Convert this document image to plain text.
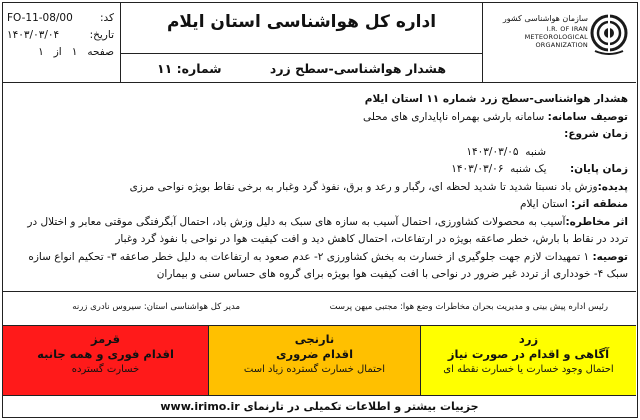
کد:
FO-11-08/00
تاریخ:
۱۴۰۳/۰۳/۰۴
صفحه
۱
از
۱
اداره کل هواشناسی استان ایلام
هشدار هواشناسی-سطح زرد
شماره: ۱۱
سازمان هواشناسی کشور
I.R. OF IRAN
METEOROLOGICAL
ORGANIZATION

هشدار هواشناسی-سطح زرد شماره ۱۱ استان ایلام

توصیف سامانه: سامانه بارشی بهمراه ناپایداری های محلی

زمان شروع:

شنبه  ۱۴۰۳/۰۳/۰۵

زمان پایان:       یک شنبه  ۱۴۰۳/۰۳/۰۶

پدیده:وزش باد نسبتا شدید تا شدید لحظه ای، رگبار و رعد و برق، نفوذ گرد وغبار به برخی نقاط بویژه نواحی مرزی

منطقه اثر: استان ایلام

اثر مخاطره:آسیب به محصولات کشاورزی، احتمال آسیب به سازه های سبک به دلیل وزش باد، احتمال آبگرفتگی موقتی معابر و اختلال در تردد در نقاط با بارش، خطر صاعقه بویژه در ارتفاعات، احتمال کاهش دید و افت کیفیت هوا در نواحی با نفوذ گرد وغبار

توصیه: ۱ تمهیدات لازم جهت جلوگیری از خسارت به بخش کشاورزی ۲- عدم صعود به ارتفاعات به دلیل خطر صاعقه ۳- تحکیم انواع سازه سبک ۴- خودداری از تردد غیر ضرور در نواحی با افت کیفیت هوا بویژه برای گروه های حساس سنی و بیماران

رئیس اداره پیش بینی و مدیریت بحران مخاطرات وضع هوا: مجتبی میهن پرست
مدیر کل هواشناسی استان: سیروس نادری زرنه
زرد
آگاهی و اقدام در صورت نیاز
احتمال وجود خسارت یا خسارت نقطه ای
نارنجی
اقدام ضروری
احتمال خسارت گسترده زیاد است
قرمز
اقدام فوری و همه جانبه
خسارت گسترده
جزییات بیشتر و اطلاعات تکمیلی در تارنمای www.irimo.ir
